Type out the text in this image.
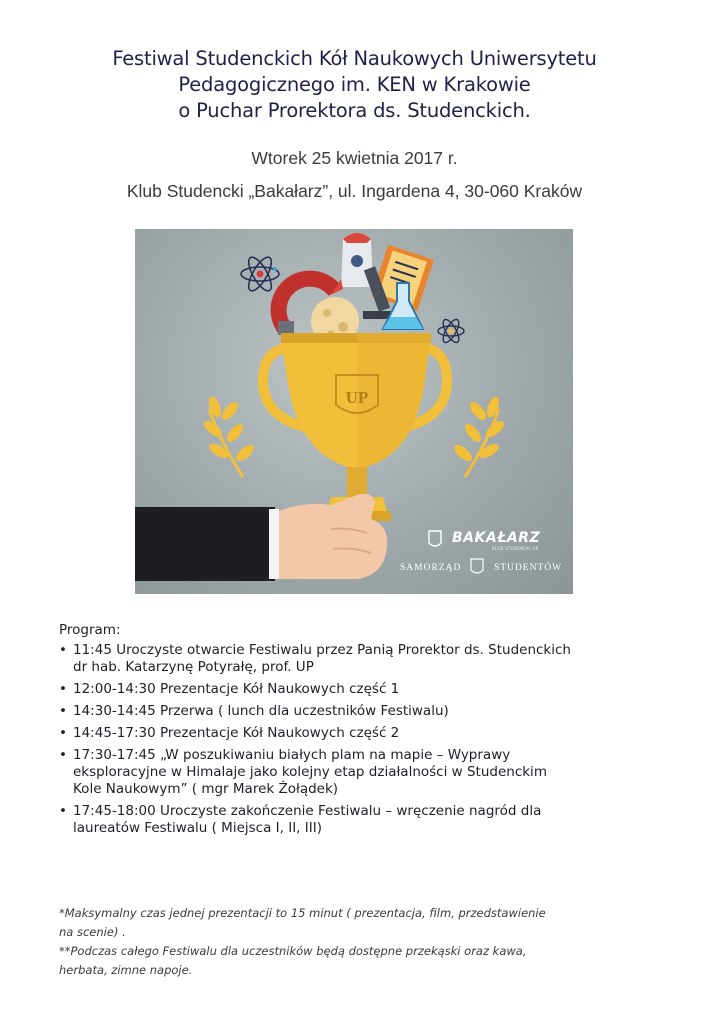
Festiwal Studenckich Kół Naukowych Uniwersytetu
Pedagogicznego im. KEN w Krakowie
o Puchar Prorektora ds. Studenckich.
Wtorek 25 kwietnia 2017 r.
Klub Studencki „Bakałarz”, ul. Ingardena 4, 30-060 Kraków
UP
BAKAŁARZ
KLUB STUDENCKI UP
SAMORZĄD	STUDENTÓW
Program:
• 11:45 Uroczyste otwarcie Festiwalu przez Panią Prorektor ds. Studenckich
dr hab. Katarzynę Potyrałę, prof. UP
• 12:00-14:30 Prezentacje Kół Naukowych część 1
• 14:30-14:45 Przerwa ( lunch dla uczestników Festiwalu)
• 14:45-17:30 Prezentacje Kół Naukowych część 2
• 17:30-17:45 „W poszukiwaniu białych plam na mapie – Wyprawy
eksploracyjne w Himalaje jako kolejny etap działalności w Studenckim
Kole Naukowym” ( mgr Marek Żołądek)
• 17:45-18:00 Uroczyste zakończenie Festiwalu – wręczenie nagród dla
laureatów Festiwalu ( Miejsca I, II, III)
*Maksymalny czas jednej prezentacji to 15 minut ( prezentacja, film, przedstawienie
na scenie) .
**Podczas całego Festiwalu dla uczestników będą dostępne przekąski oraz kawa,
herbata, zimne napoje.
